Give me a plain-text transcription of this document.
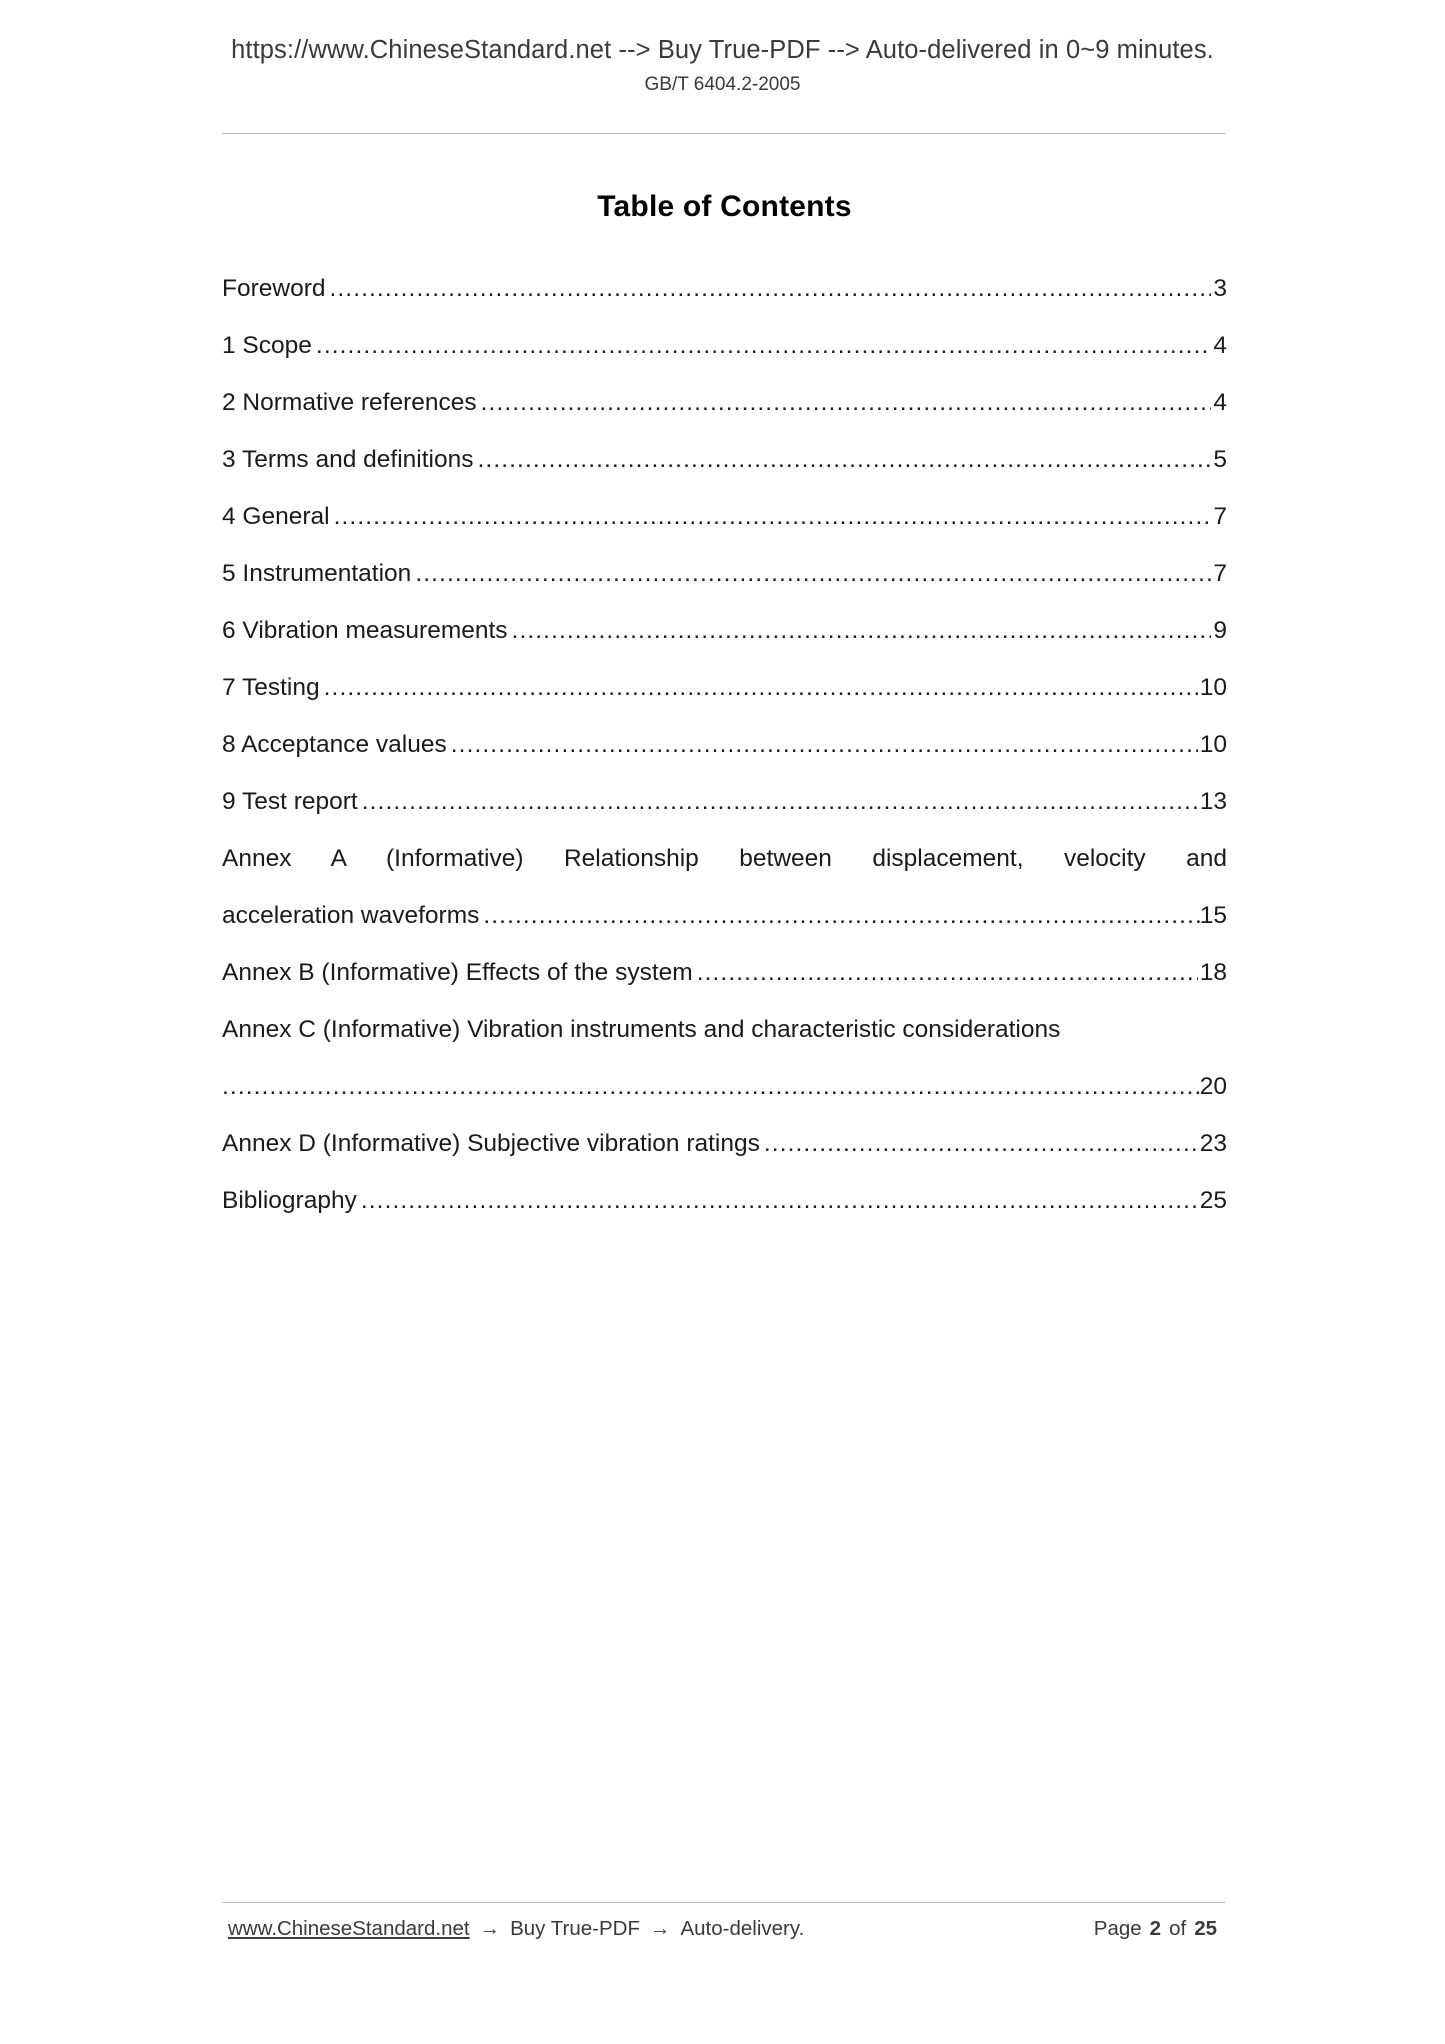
https://www.ChineseStandard.net --> Buy True-PDF --> Auto-delivered in 0~9 minutes.
GB/T 6404.2-2005
Table of Contents
Foreword .....	3
1 Scope .....	4
2 Normative references .....	4
3 Terms and definitions .....	5
4 General .....	7
5 Instrumentation .....	7
6 Vibration measurements .....	9
7 Testing .....	10
8 Acceptance values .....	10
9 Test report .....	13
Annex A (Informative) Relationship between displacement, velocity and
acceleration waveforms .....	15
Annex B (Informative) Effects of the system .....	18
Annex C (Informative) Vibration instruments and characteristic considerations
.....
20
Annex D (Informative) Subjective vibration ratings .....	23
Bibliography .....	25
www.ChineseStandard.net → Buy True-PDF → Auto-delivery.	Page 2 of 25
